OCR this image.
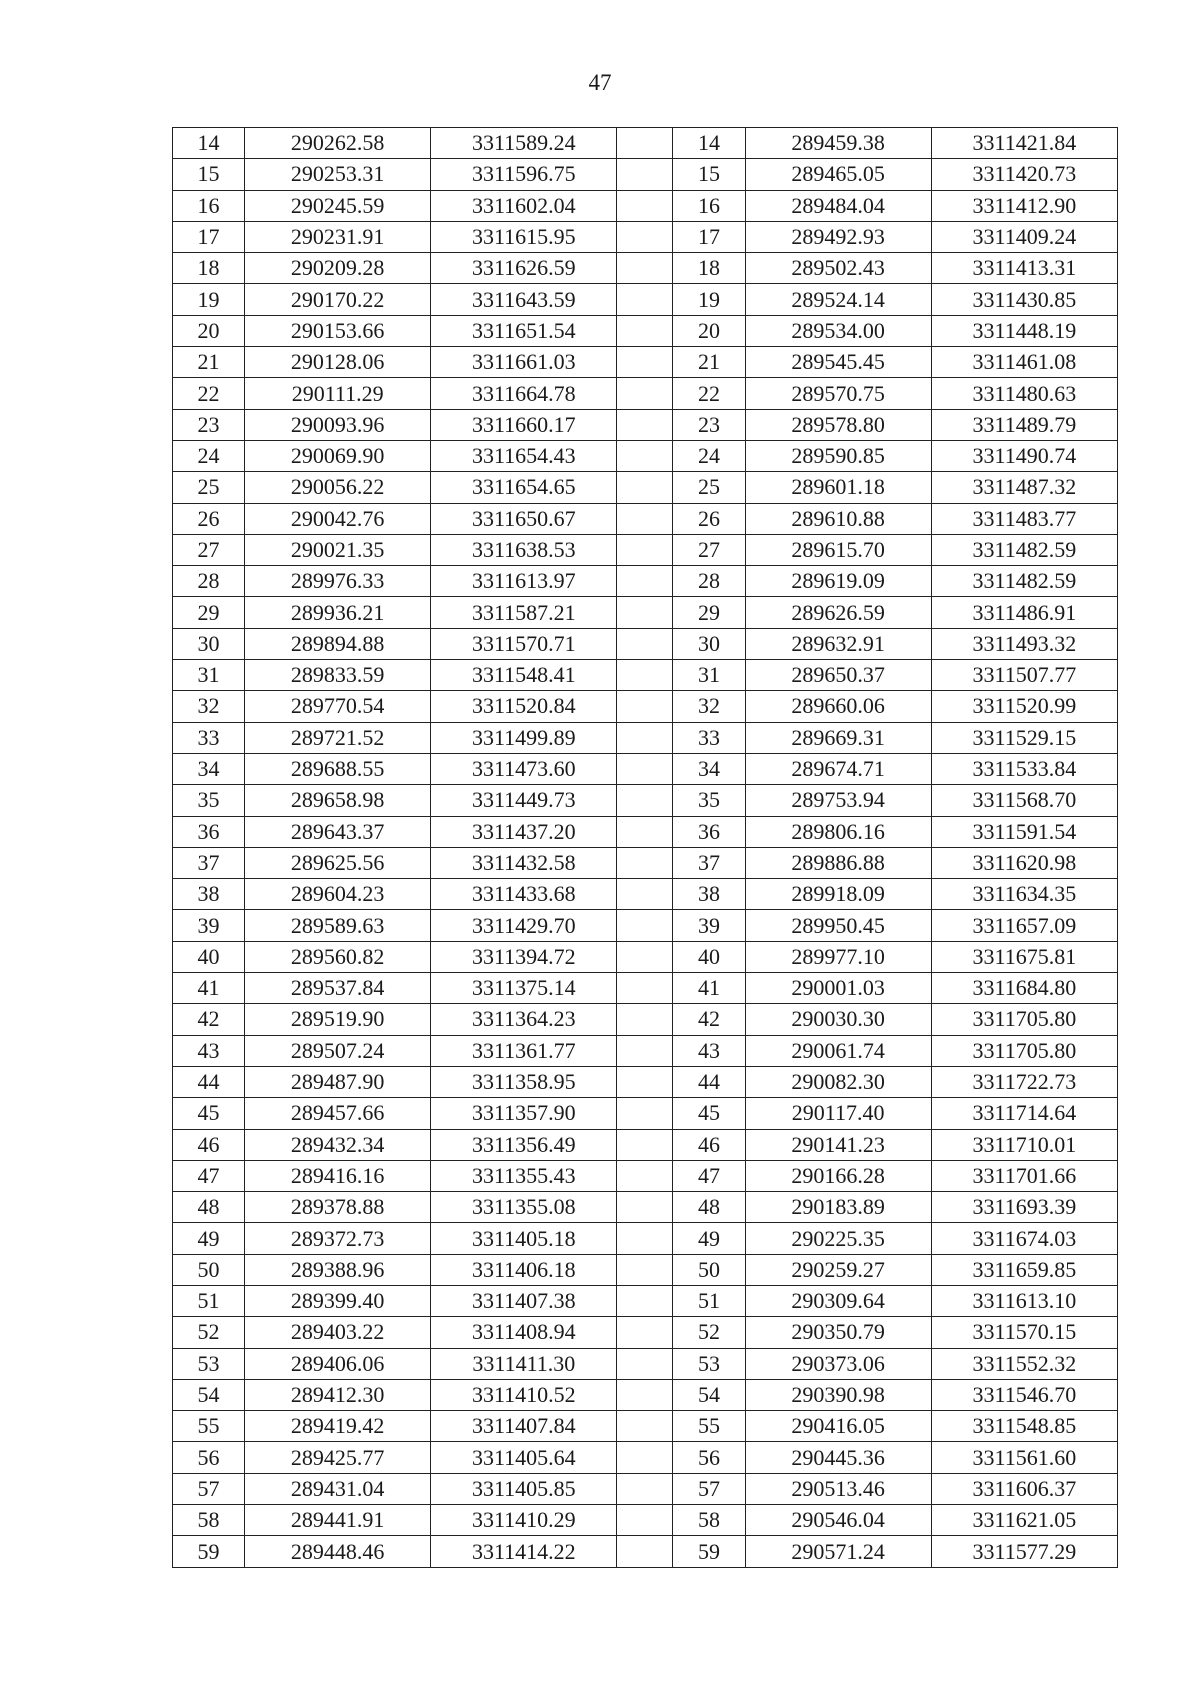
47
14	290262.58	3311589.24		14	289459.38	3311421.84
15	290253.31	3311596.75		15	289465.05	3311420.73
16	290245.59	3311602.04		16	289484.04	3311412.90
17	290231.91	3311615.95		17	289492.93	3311409.24
18	290209.28	3311626.59		18	289502.43	3311413.31
19	290170.22	3311643.59		19	289524.14	3311430.85
20	290153.66	3311651.54		20	289534.00	3311448.19
21	290128.06	3311661.03		21	289545.45	3311461.08
22	290111.29	3311664.78		22	289570.75	3311480.63
23	290093.96	3311660.17		23	289578.80	3311489.79
24	290069.90	3311654.43		24	289590.85	3311490.74
25	290056.22	3311654.65		25	289601.18	3311487.32
26	290042.76	3311650.67		26	289610.88	3311483.77
27	290021.35	3311638.53		27	289615.70	3311482.59
28	289976.33	3311613.97		28	289619.09	3311482.59
29	289936.21	3311587.21		29	289626.59	3311486.91
30	289894.88	3311570.71		30	289632.91	3311493.32
31	289833.59	3311548.41		31	289650.37	3311507.77
32	289770.54	3311520.84		32	289660.06	3311520.99
33	289721.52	3311499.89		33	289669.31	3311529.15
34	289688.55	3311473.60		34	289674.71	3311533.84
35	289658.98	3311449.73		35	289753.94	3311568.70
36	289643.37	3311437.20		36	289806.16	3311591.54
37	289625.56	3311432.58		37	289886.88	3311620.98
38	289604.23	3311433.68		38	289918.09	3311634.35
39	289589.63	3311429.70		39	289950.45	3311657.09
40	289560.82	3311394.72		40	289977.10	3311675.81
41	289537.84	3311375.14		41	290001.03	3311684.80
42	289519.90	3311364.23		42	290030.30	3311705.80
43	289507.24	3311361.77		43	290061.74	3311705.80
44	289487.90	3311358.95		44	290082.30	3311722.73
45	289457.66	3311357.90		45	290117.40	3311714.64
46	289432.34	3311356.49		46	290141.23	3311710.01
47	289416.16	3311355.43		47	290166.28	3311701.66
48	289378.88	3311355.08		48	290183.89	3311693.39
49	289372.73	3311405.18		49	290225.35	3311674.03
50	289388.96	3311406.18		50	290259.27	3311659.85
51	289399.40	3311407.38		51	290309.64	3311613.10
52	289403.22	3311408.94		52	290350.79	3311570.15
53	289406.06	3311411.30		53	290373.06	3311552.32
54	289412.30	3311410.52		54	290390.98	3311546.70
55	289419.42	3311407.84		55	290416.05	3311548.85
56	289425.77	3311405.64		56	290445.36	3311561.60
57	289431.04	3311405.85		57	290513.46	3311606.37
58	289441.91	3311410.29		58	290546.04	3311621.05
59	289448.46	3311414.22		59	290571.24	3311577.29
